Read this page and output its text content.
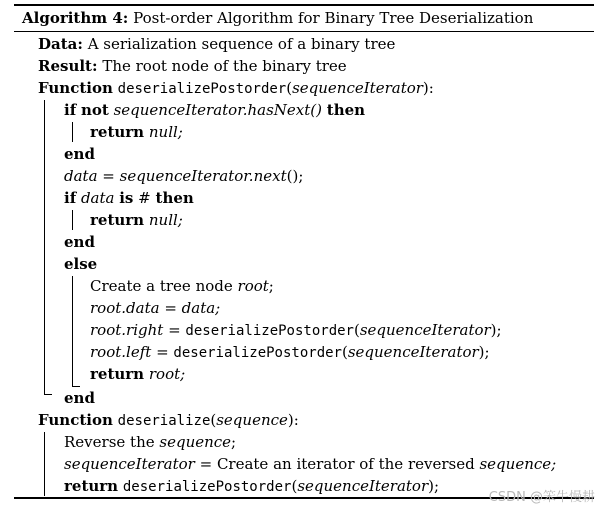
Algorithm 4: Post-order Algorithm for Binary Tree Deserialization
Data: A serialization sequence of a binary tree
Result: The root node of the binary tree
Function deserializePostorder(sequenceIterator):
if not sequenceIterator.hasNext() then
return null;
end
data = sequenceIterator.next();
if data is # then
return null;
end
else
Create a tree node root;
root.data = data;
root.right = deserializePostorder(sequenceIterator);
root.left = deserializePostorder(sequenceIterator);
return root;
end
Function deserialize(sequence):
Reverse the sequence;
sequenceIterator = Create an iterator of the reversed sequence;
return deserializePostorder(sequenceIterator);
CSDN @笨牛慢耕
